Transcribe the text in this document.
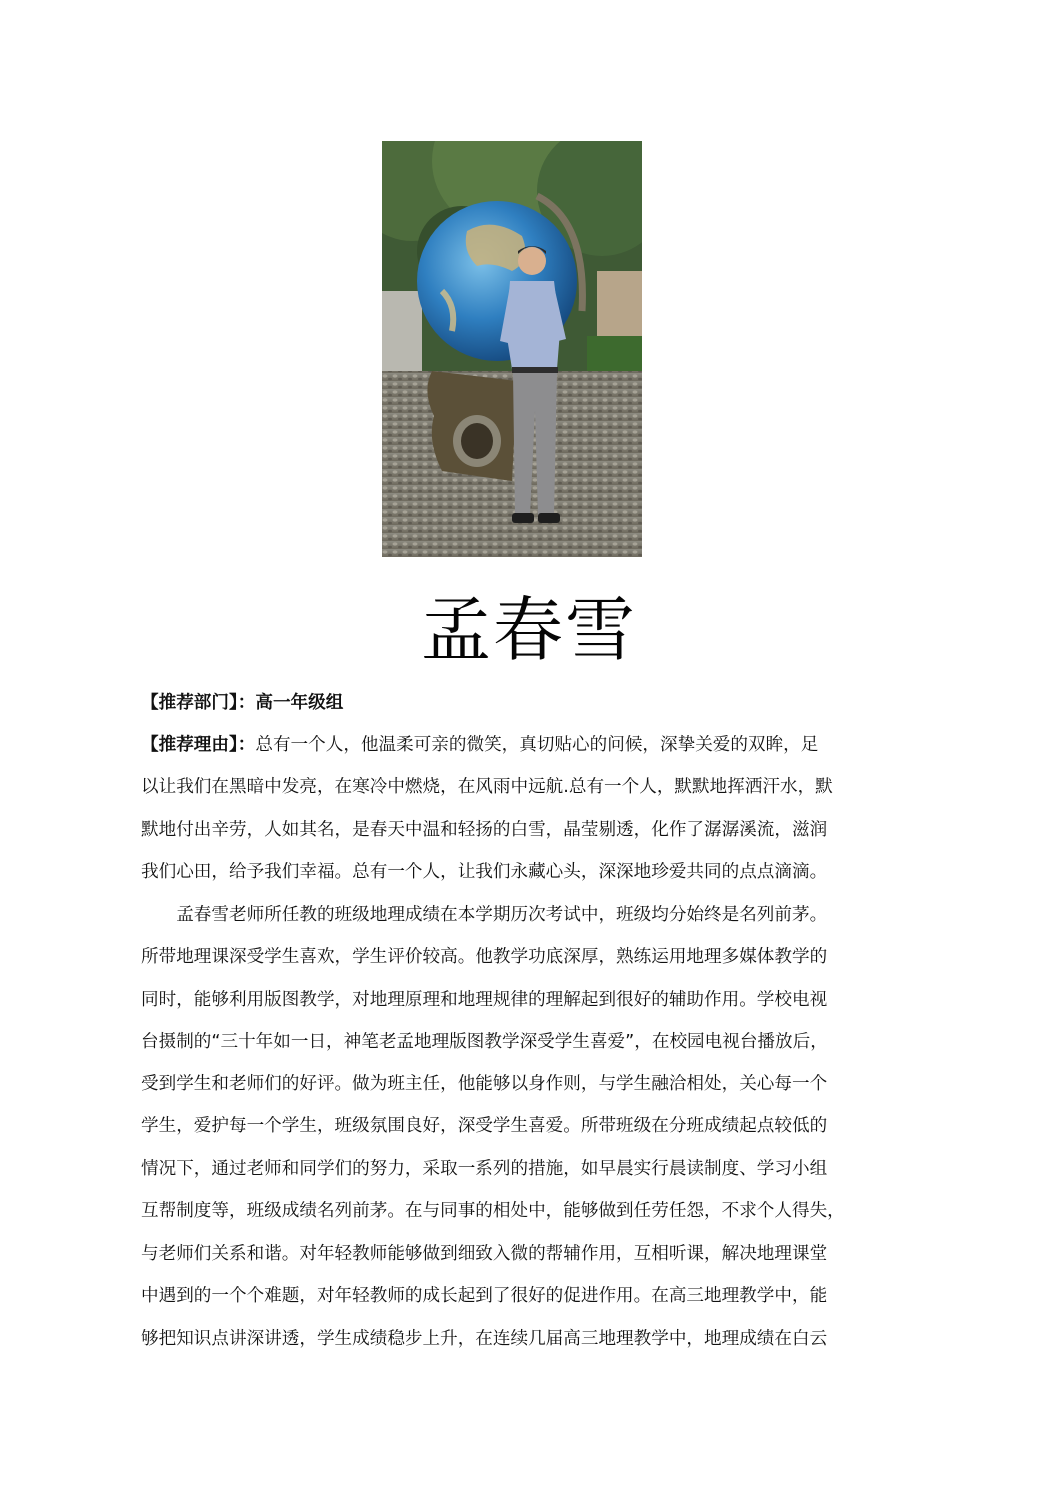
孟春雪
【推荐部门】：高一年级组
【推荐理由】：总有一个人，他温柔可亲的微笑，真切贴心的问候，深挚关爱的双眸，足
以让我们在黑暗中发亮，在寒冷中燃烧，在风雨中远航.总有一个人，默默地挥洒汗水，默
默地付出辛劳，人如其名，是春天中温和轻扬的白雪，晶莹剔透，化作了潺潺溪流，滋润
我们心田，给予我们幸福。总有一个人，让我们永藏心头，深深地珍爱共同的点点滴滴。
　　孟春雪老师所任教的班级地理成绩在本学期历次考试中，班级均分始终是名列前茅。
所带地理课深受学生喜欢，学生评价较高。他教学功底深厚，熟练运用地理多媒体教学的
同时，能够利用版图教学，对地理原理和地理规律的理解起到很好的辅助作用。学校电视
台摄制的“三十年如一日，神笔老孟地理版图教学深受学生喜爱”，在校园电视台播放后，
受到学生和老师们的好评。做为班主任，他能够以身作则，与学生融洽相处，关心每一个
学生，爱护每一个学生，班级氛围良好，深受学生喜爱。所带班级在分班成绩起点较低的
情况下，通过老师和同学们的努力，采取一系列的措施，如早晨实行晨读制度、学习小组
互帮制度等，班级成绩名列前茅。在与同事的相处中，能够做到任劳任怨，不求个人得失，
与老师们关系和谐。对年轻教师能够做到细致入微的帮辅作用，互相听课，解决地理课堂
中遇到的一个个难题，对年轻教师的成长起到了很好的促进作用。在高三地理教学中，能
够把知识点讲深讲透，学生成绩稳步上升，在连续几届高三地理教学中，地理成绩在白云
